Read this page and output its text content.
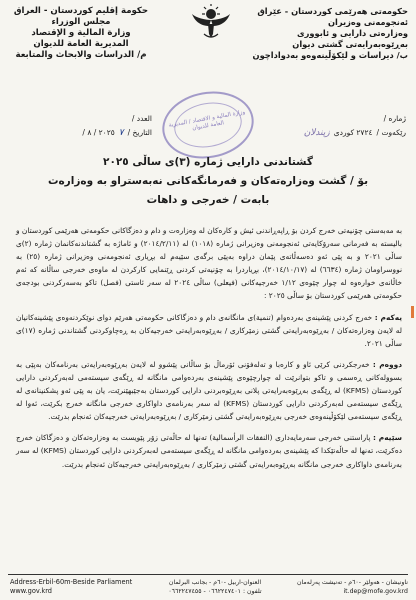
حكومة إقليم كوردستان - العراق
مجلس الوزراء
وزارة المالية و الإقتصاد
المديرية العامة للديوان
م/ الدراسات والابحاث والمتابعة
حكومەتی هەرێمی كوردستان - عێراق
ئەنجومەنی وەزیران
وەزارەتی دارایی و ئابووری
بەڕێوەبەرایەتی گشتی دیوان
ب/ دیراسات و لێکۆڵینەوەو بەدواداچون
العدد /
التاريخ /
٧
٢٠٢٥ / ٨ /
وزارة المالية و الاقتصاد / المديرية العامة للديوان
ژمارە /
رێكەوت /
٢٧٢٤ كوردی
زیندلان
گشتاندنی دارایی ژمارە (٣)ی ساڵی ٢٠٢٥
بۆ / گشت وەزارەتەكان و فەرمانگەكانی نەبەستراو بە وەزارەت
بابەت / خەرجی و داهات

بە مەبەستی چۆنیەتی خەرج كردن بۆ ڕاپەڕاندنی ئیش و كارەكان لە وەزارەت و دام و دەزگاكانی حكومەتی هەرێمی كوردستان و بالیستە بە فەرمانی سەرۆكایەتی ئەنجومەنی وەزیرانی ژمارە (١٠١٨) لە (٢٠١٤/٢/١١) و ئاماژە بە گشتاندنەكانمان ژمارە (٢)ی ساڵی ٢٠٢١ و بە پێی ئەو دەسەڵاتەی پێمان دراوە بەپێی برگەی سێیەم لە بڕیاری ئەنجومەنی وەزیرانی ژمارە (٢٥) بە نووسراومان ژمارە (٦٦٣٤) لە (٢٠١٤/١٠/١٧)، بڕیاردرا بە چۆنیەتی كردنی ڕێنمایی كاركردن لە ماوەی خەرجی ساڵانە كە ئەم خاڵانەی خوارەوە لە چوار چێوەی ١/١٢ خەرجیەكانی (فیعلی) ساڵی ٢٠٢٤ لە سەر ئاستی (فصل) تاكو بەسەركردنی بودجەی حكومەتی هەرێمی كوردستان بۆ ساڵی ٢٠٢٥ :

یەكەم : خەرج كردنی پێشینەی بەردەوام (تنمیة)ی مانگانەی دام و دەزگاكانی حكومەتی هەرێم دوای نوێكردنەوەی پێشینەكانیان لە لایەن وەزارەتەكان / بەڕێوەبەرایەتی گشتی زمێركاری / بەڕێوەبەرایەتی خەرجیەكان بە ڕەچاوكردنی گشتاندنی ژمارە (١٧)ی ساڵی ٢٠٢١.

دووەم : خەرجكردنی كرێی ئاو و كارەبا و تەلەفۆنی ئۆرماڵ بۆ ساڵانی پێشوو لە لایەن بەڕێوەبەرایەتی بەرنامەكان بەپێی بە بسوولەكانی ڕەسمی و تاكو بتوانرێت لە چوارچێوەی پێشینەی بەردەوامی مانگانە لە ڕێگەی سیستەمی لەبەركردنی دارایی كوردستان (KFMS) لە ڕێگەی بەڕێوەبەرایەتی پلانی بەڕێوەبردنی دارایی كوردستان بەجێبهێنرێت، یان بە پێی ئەو پشكنینانەی لە ڕێگەی سیستەمی لەبەركردنی دارایی كوردستان (KFMS) لە سەر بەرنامەی داواكاری خەرجی مانگانە خەرج بكرێت، ئەوا لە ڕێگەی سیستەمی لێكۆڵینەوەی خەرجی بەڕێوەبەرایەتی گشتی زمێركاری / بەڕێوەبەرایەتی خەرجیەكان ئەنجام بدرێت.

سێیەم : پاراستنی خەرجی سەرمایەداری (النفقات الرأسمالية) تەنها لە حاڵەتی زۆر پێویست بە وەزارەتەكان و دەزگاكان خەرج دەكرێت، تەنها لە حاڵەتێكدا كە پێشینەی بەردەوامی مانگانە لە ڕێگەی سیستەمی لەبەركردنی دارایی كوردستان (KFMS) لە سەر بەرنامەی داواكاری خەرجی مانگانە بەڕێوەبەرایەتی گشتی زمێركاری / بەڕێوەبەرایەتی خەرجیەكان ئەنجام بدرێت.

Address-Erbil-60m-Beside Parliament
www.gov.krd
العنوان-اربيل -٦٠م - بجانب البرلمان
تلفون : ٠٦٦٢٢٤٧٤٠١ - ٠٦٦٢٢٤٧٤٥٥
ناونیشان - هەولێر -٦٠م - تەنیشت پەرلەمان
it.dep@mofe.gov.krd
